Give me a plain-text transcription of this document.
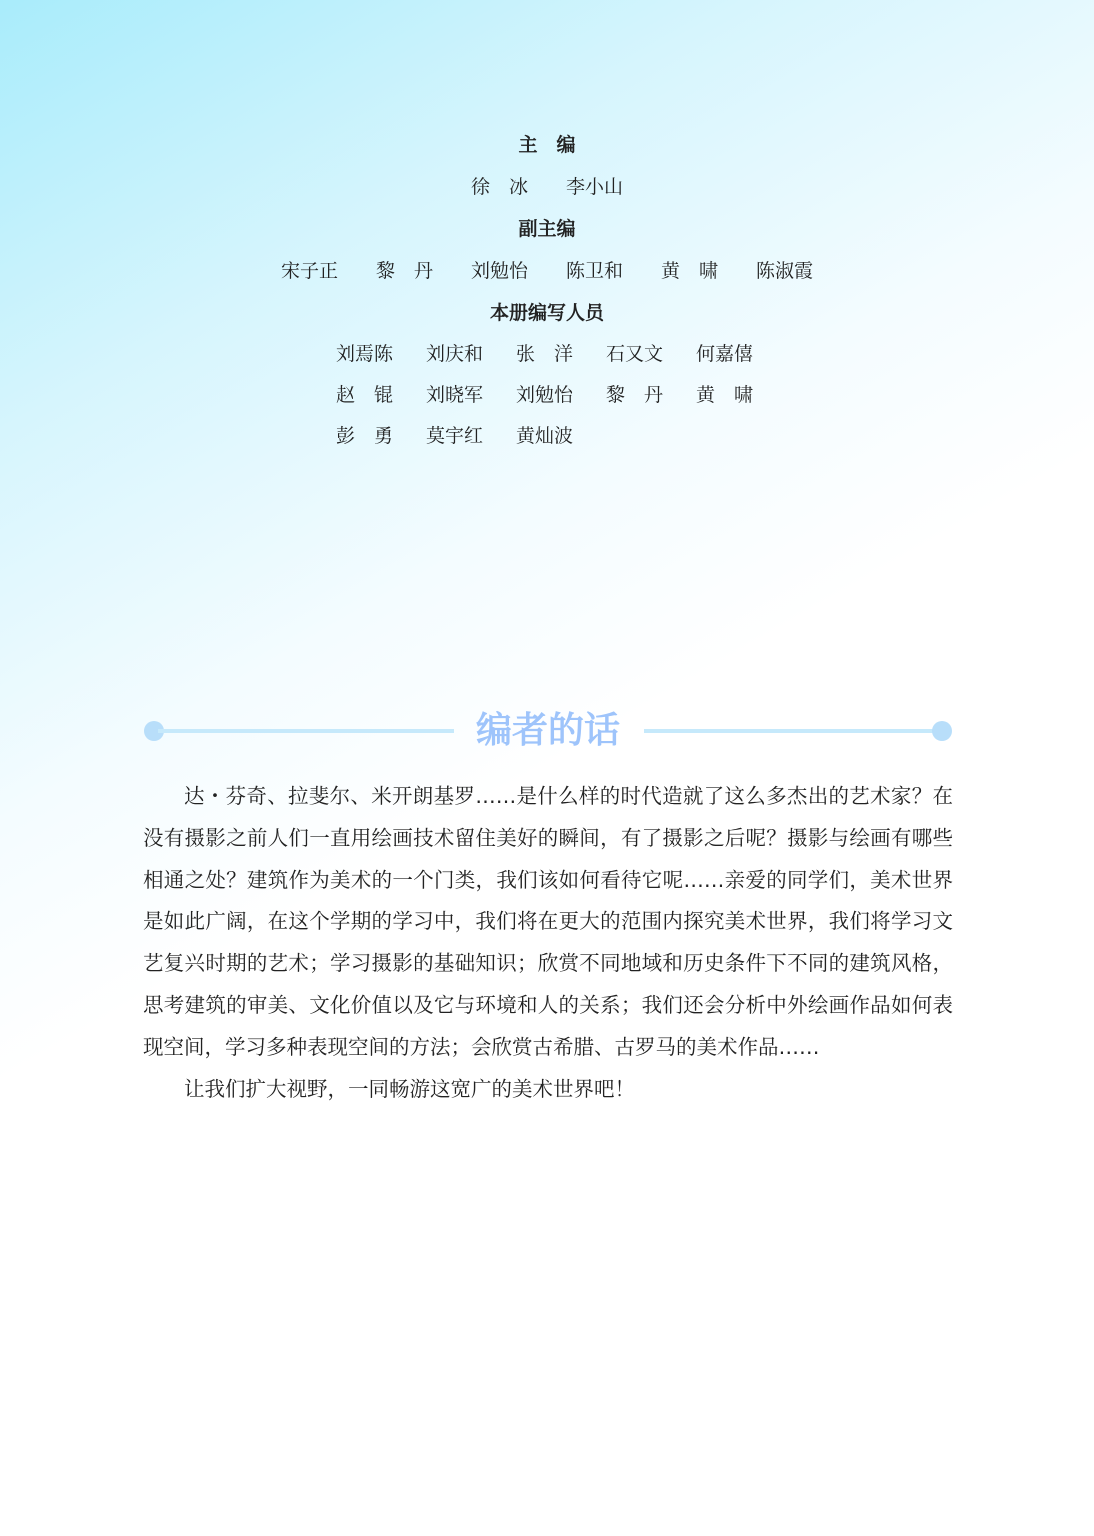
主　编
徐　冰　　李小山
副主编
宋子正　　黎　丹　　刘勉怡　　陈卫和　　黄　啸　　陈淑霞
本册编写人员
刘焉陈	刘庆和	张　洋	石又文	何嘉僖
赵　锟	刘晓军	刘勉怡	黎　丹	黄　啸
彭　勇	莫宇红	黄灿波
编者的话

达・芬奇、拉斐尔、米开朗基罗……是什么样的时代造就了这么多杰出的艺术家？在没有摄影之前人们一直用绘画技术留住美好的瞬间，有了摄影之后呢？摄影与绘画有哪些相通之处？建筑作为美术的一个门类，我们该如何看待它呢……亲爱的同学们，美术世界是如此广阔，在这个学期的学习中，我们将在更大的范围内探究美术世界，我们将学习文艺复兴时期的艺术；学习摄影的基础知识；欣赏不同地域和历史条件下不同的建筑风格，思考建筑的审美、文化价值以及它与环境和人的关系；我们还会分析中外绘画作品如何表现空间，学习多种表现空间的方法；会欣赏古希腊、古罗马的美术作品……

让我们扩大视野，一同畅游这宽广的美术世界吧！
